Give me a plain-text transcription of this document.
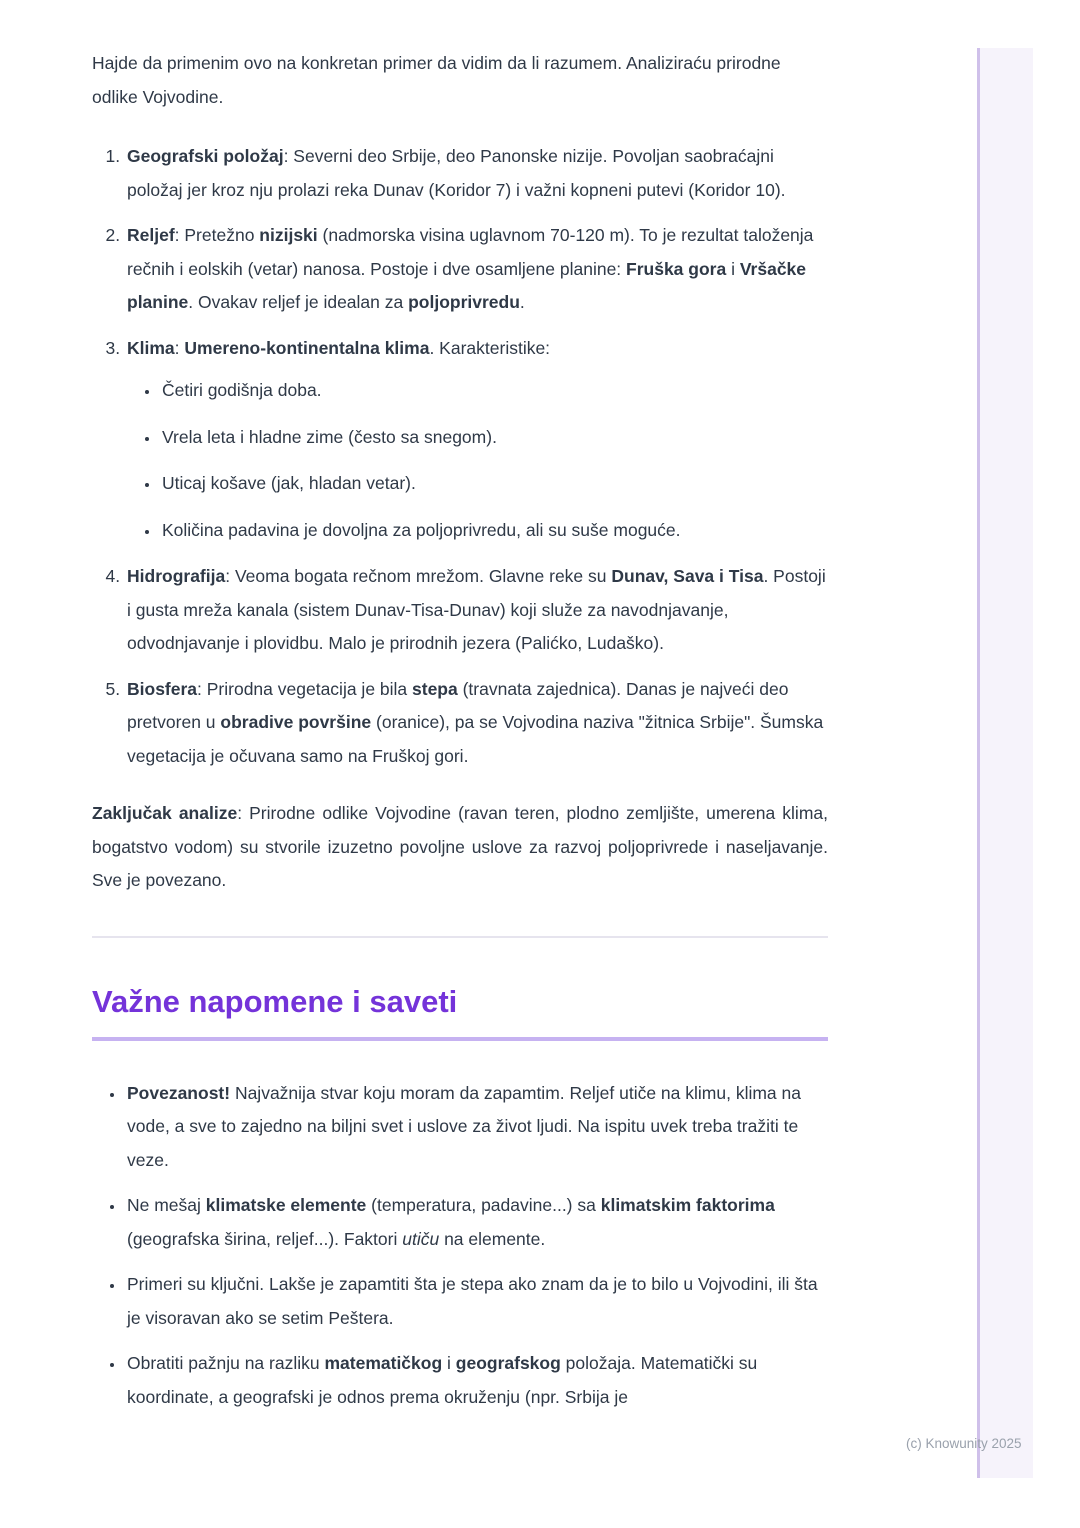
Hajde da primenim ovo na konkretan primer da vidim da li razumem. Analiziraću prirodne odlike Vojvodine.

1. Geografski položaj: Severni deo Srbije, deo Panonske nizije. Povoljan saobraćajni položaj jer kroz nju prolazi reka Dunav (Koridor 7) i važni kopneni putevi (Koridor 10).
2. Reljef: Pretežno nizijski (nadmorska visina uglavnom 70-120 m). To je rezultat taloženja rečnih i eolskih (vetar) nanosa. Postoje i dve osamljene planine: Fruška gora i Vršačke planine. Ovakav reljef je idealan za poljoprivredu.
3. Klima: Umereno-kontinentalna klima. Karakteristike:
• Četiri godišnja doba.
• Vrela leta i hladne zime (često sa snegom).
• Uticaj košave (jak, hladan vetar).
• Količina padavina je dovoljna za poljoprivredu, ali su suše moguće.
4. Hidrografija: Veoma bogata rečnom mrežom. Glavne reke su Dunav, Sava i Tisa. Postoji i gusta mreža kanala (sistem Dunav-Tisa-Dunav) koji služe za navodnjavanje, odvodnjavanje i plovidbu. Malo je prirodnih jezera (Palićko, Ludaško).
5. Biosfera: Prirodna vegetacija je bila stepa (travnata zajednica). Danas je najveći deo pretvoren u obradive površine (oranice), pa se Vojvodina naziva "žitnica Srbije". Šumska vegetacija je očuvana samo na Fruškoj gori.

Zaključak analize: Prirodne odlike Vojvodine (ravan teren, plodno zemljište, umerena klima, bogatstvo vodom) su stvorile izuzetno povoljne uslove za razvoj poljoprivrede i naseljavanje. Sve je povezano.

Važne napomene i saveti
• Povezanost! Najvažnija stvar koju moram da zapamtim. Reljef utiče na klimu, klima na vode, a sve to zajedno na biljni svet i uslove za život ljudi. Na ispitu uvek treba tražiti te veze.
• Ne mešaj klimatske elemente (temperatura, padavine...) sa klimatskim faktorima (geografska širina, reljef...). Faktori utiču na elemente.
• Primeri su ključni. Lakše je zapamtiti šta je stepa ako znam da je to bilo u Vojvodini, ili šta je visoravan ako se setim Peštera.
• Obratiti pažnju na razliku matematičkog i geografskog položaja. Matematički su koordinate, a geografski je odnos prema okruženju (npr. Srbija je
(c) Knowunity 2025
